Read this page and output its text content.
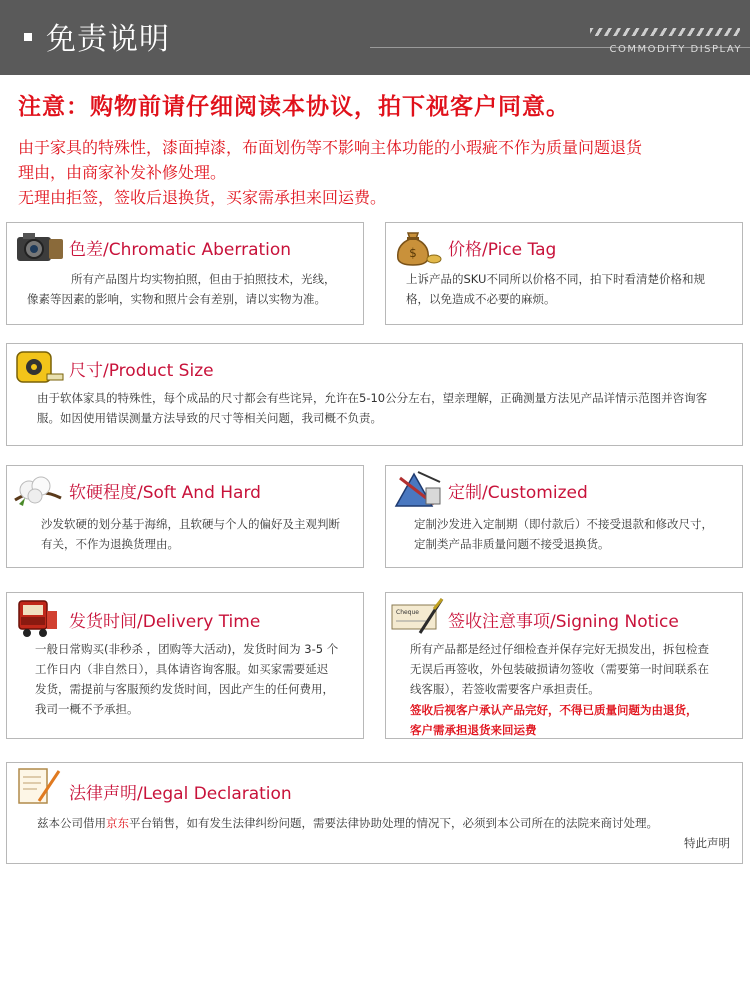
免责说明	COMMODITY DISPLAY
注意：购物前请仔细阅读本协议，拍下视客户同意。
由于家具的特殊性，漆面掉漆，布面划伤等不影响主体功能的小瑕疵不作为质量问题退货
理由，由商家补发补修处理。
无理由拒签，签收后退换货，买家需承担来回运费。
色差/Chromatic Aberration
所有产品图片均实物拍照，但由于拍照技术，光线，
像素等因素的影响，实物和照片会有差别，请以实物为准。
$ 价格/Pice Tag
上诉产品的SKU不同所以价格不同，拍下时看清楚价格和规
格，以免造成不必要的麻烦。
尺寸/Product Size
由于软体家具的特殊性，每个成品的尺寸都会有些诧异，允许在5-10公分左右，望亲理解，正确测量方法见产品详情示范图并咨询客
服。如因使用错误测量方法导致的尺寸等相关问题，我司概不负责。
软硬程度/Soft And Hard
沙发软硬的划分基于海绵，且软硬与个人的偏好及主观判断
有关，不作为退换货理由。
定制/Customized
定制沙发进入定制期（即付款后）不接受退款和修改尺寸，
定制类产品非质量问题不接受退换货。
发货时间/Delivery Time
一般日常购买(非秒杀 ，团购等大活动)，发货时间为 3-5 个
工作日内（非自然日），具体请咨询客服。如买家需要延迟
发货，需提前与客服预约发货时间，因此产生的任何费用，
我司一概不予承担。
Cheque 签收注意事项/Signing Notice
所有产品都是经过仔细检查并保存完好无损发出，拆包检查
无误后再签收，外包装破损请勿签收（需要第一时间联系在
线客服），若签收需要客户承担责任。
签收后视客户承认产品完好，不得已质量问题为由退货，
客户需承担退货来回运费
法律声明/Legal Declaration
兹本公司借用京东平台销售，如有发生法律纠纷问题，需要法律协助处理的情况下，必须到本公司所在的法院来商讨处理。
特此声明
